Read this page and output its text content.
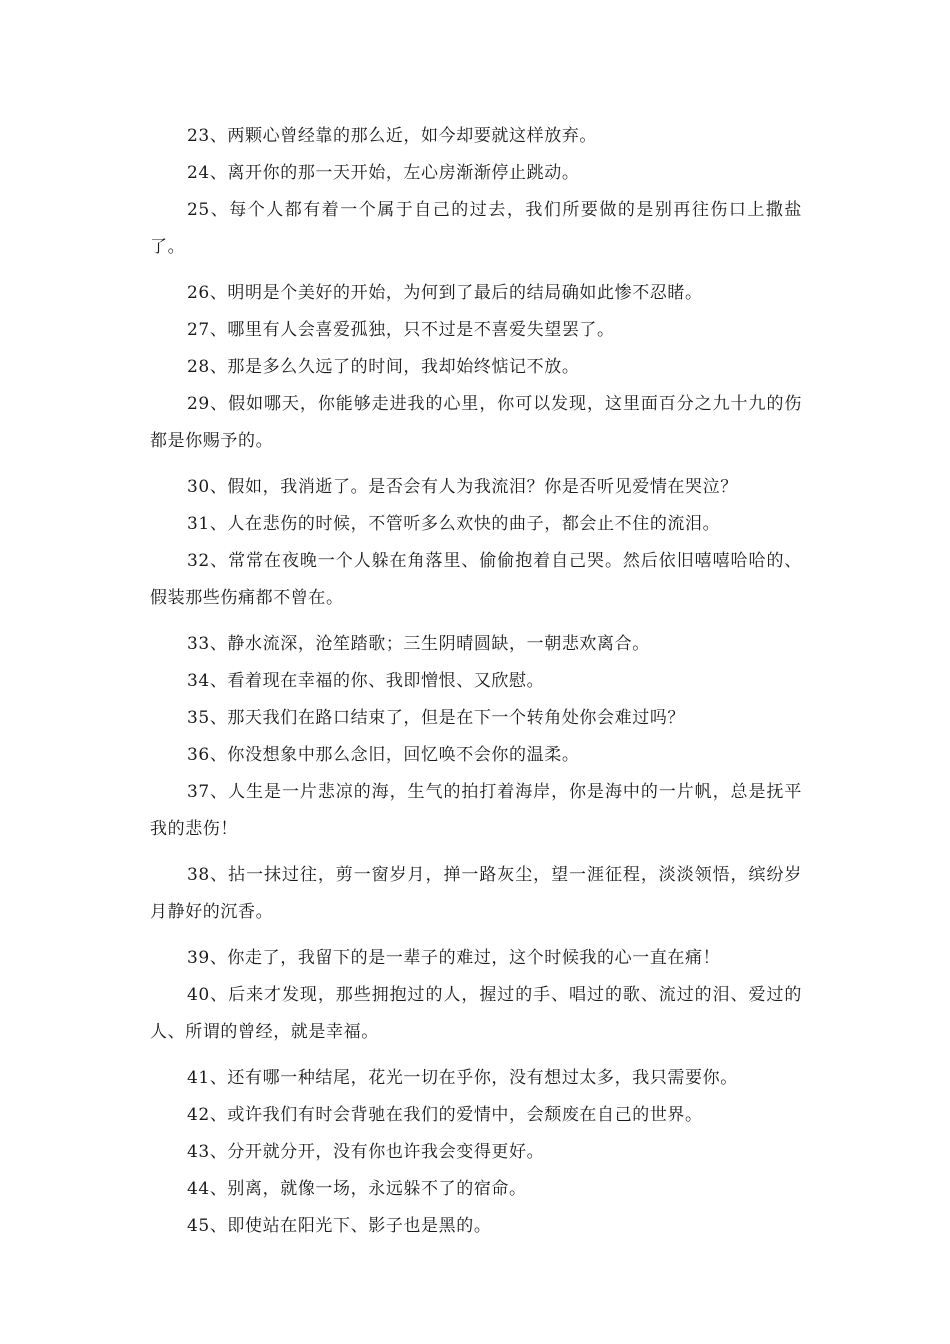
23、两颗心曾经靠的那么近，如今却要就这样放弃。

24、离开你的那一天开始，左心房渐渐停止跳动。

25、每个人都有着一个属于自己的过去，我们所要做的是别再往伤口上撒盐了。

26、明明是个美好的开始，为何到了最后的结局确如此惨不忍睹。

27、哪里有人会喜爱孤独，只不过是不喜爱失望罢了。

28、那是多么久远了的时间，我却始终惦记不放。

29、假如哪天，你能够走进我的心里，你可以发现，这里面百分之九十九的伤都是你赐予的。

30、假如，我消逝了。是否会有人为我流泪？你是否听见爱情在哭泣？

31、人在悲伤的时候，不管听多么欢快的曲子，都会止不住的流泪。

32、常常在夜晚一个人躲在角落里、偷偷抱着自己哭。然后依旧嘻嘻哈哈的、假装那些伤痛都不曾在。

33、静水流深，沧笙踏歌；三生阴晴圆缺，一朝悲欢离合。

34、看着现在幸福的你、我即憎恨、又欣慰。

35、那天我们在路口结束了，但是在下一个转角处你会难过吗？

36、你没想象中那么念旧，回忆唤不会你的温柔。

37、人生是一片悲凉的海，生气的拍打着海岸，你是海中的一片帆，总是抚平我的悲伤！

38、拈一抹过往，剪一窗岁月，掸一路灰尘，望一涯征程，淡淡领悟，缤纷岁月静好的沉香。

39、你走了，我留下的是一辈子的难过，这个时候我的心一直在痛！

40、后来才发现，那些拥抱过的人，握过的手、唱过的歌、流过的泪、爱过的人、所谓的曾经，就是幸福。

41、还有哪一种结尾，花光一切在乎你，没有想过太多，我只需要你。

42、或许我们有时会背驰在我们的爱情中，会颓废在自己的世界。

43、分开就分开，没有你也许我会变得更好。

44、别离，就像一场，永远躲不了的宿命。

45、即使站在阳光下、影子也是黑的。
